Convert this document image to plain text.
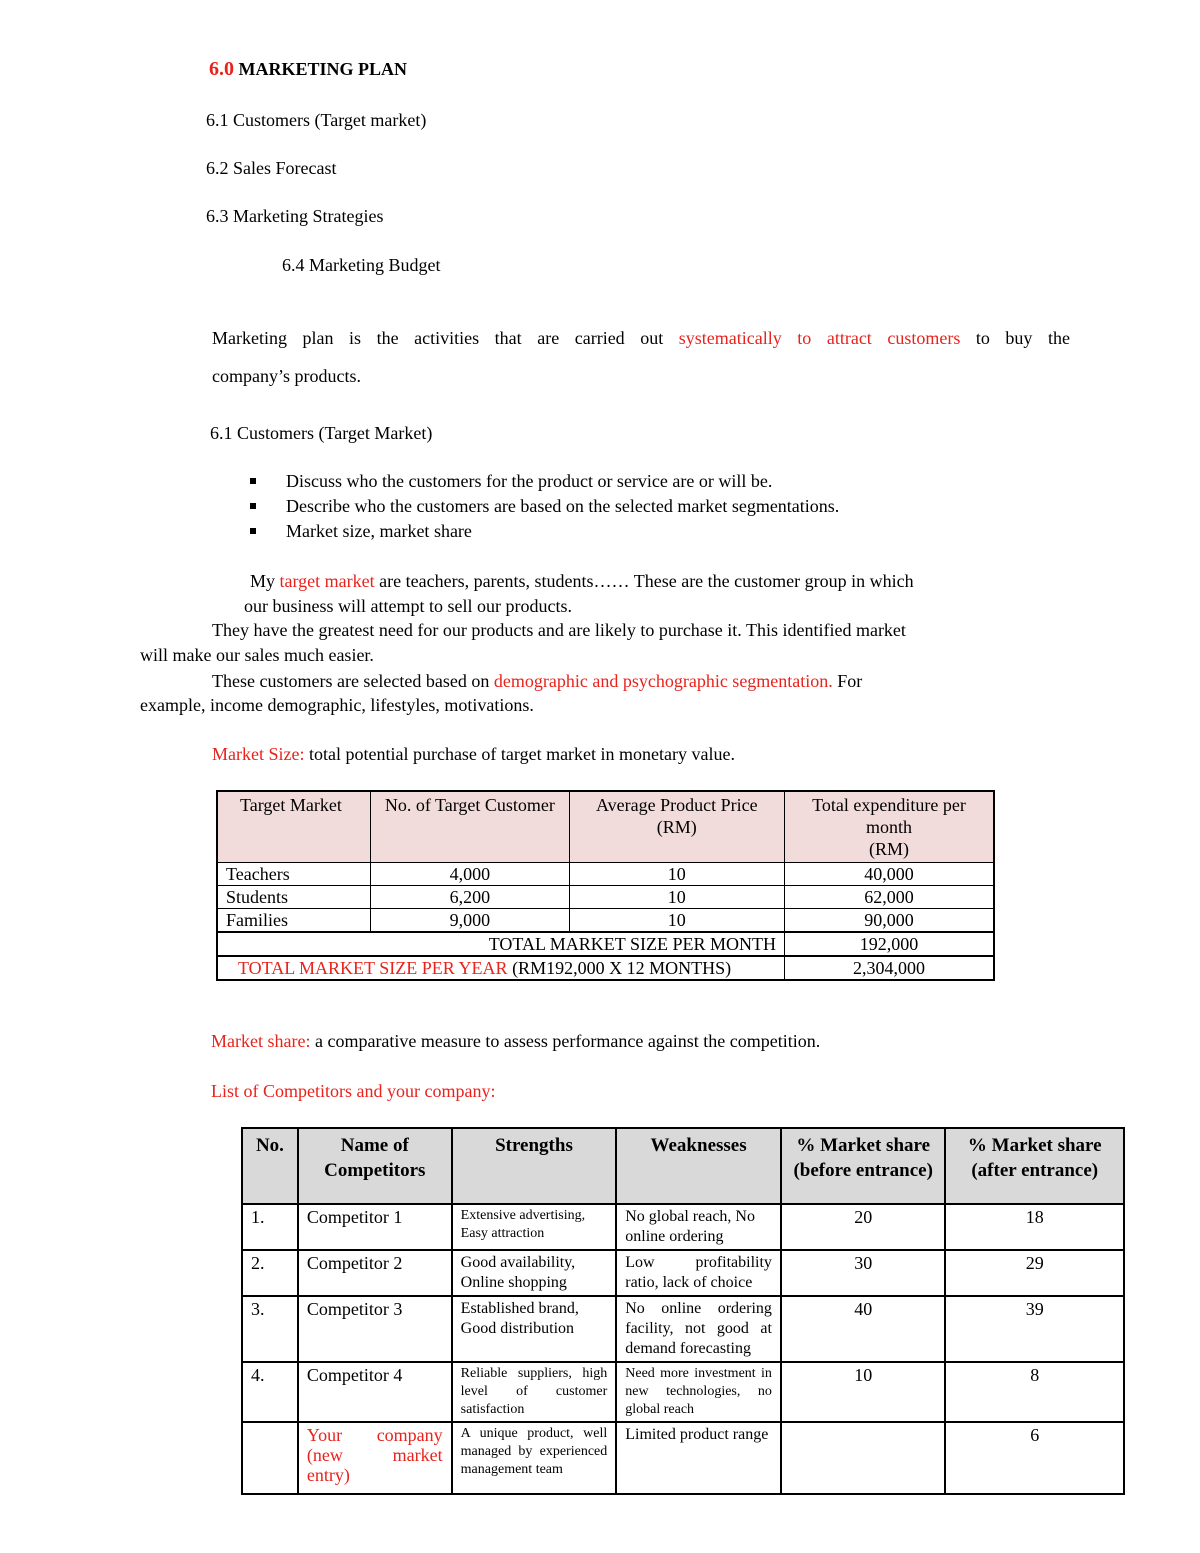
6.0 MARKETING PLAN
6.1 Customers (Target market)
6.2 Sales Forecast
6.3 Marketing Strategies
6.4 Marketing Budget
Marketing plan is the activities that are carried out systematically to attract customers to buy the
company’s products.
6.1 Customers (Target Market)
Discuss who the customers for the product or service are or will be.
Describe who the customers are based on the selected market segmentations.
Market size, market share
My target market are teachers, parents, students…… These are the customer group in which
our business will attempt to sell our products.
They have the greatest need for our products and are likely to purchase it. This identified market
will make our sales much easier.
These customers are selected based on demographic and psychographic segmentation. For
example, income demographic, lifestyles, motivations.
Market Size: total potential purchase of target market in monetary value.
Target Market	No. of Target Customer	Average Product Price (RM)	Total expenditure per month
(RM)
Teachers	4,000	10	40,000
Students	6,200	10	62,000
Families	9,000	10	90,000
TOTAL MARKET SIZE PER MONTH			192,000
TOTAL MARKET SIZE PER YEAR (RM192,000 X 12 MONTHS)			2,304,000
Market share: a comparative measure to assess performance against the competition.
List of Competitors and your company:
No.	Name of Competitors	Strengths	Weaknesses	% Market share (before entrance)	% Market share (after entrance)
1.	Competitor 1	Extensive advertising, Easy attraction	No global reach, No online ordering	20	18
2.	Competitor 2	Good availability, Online shopping	Low profitability ratio, lack of choice	30	29
3.	Competitor 3	Established brand, Good distribution	No online ordering facility, not good at demand forecasting	40	39
4.	Competitor 4	Reliable suppliers, high level of customer satisfaction	Need more investment in new technologies, no global reach	10	8
	Your company (new market entry)	A unique product, well managed by experienced management team	Limited product range		6
